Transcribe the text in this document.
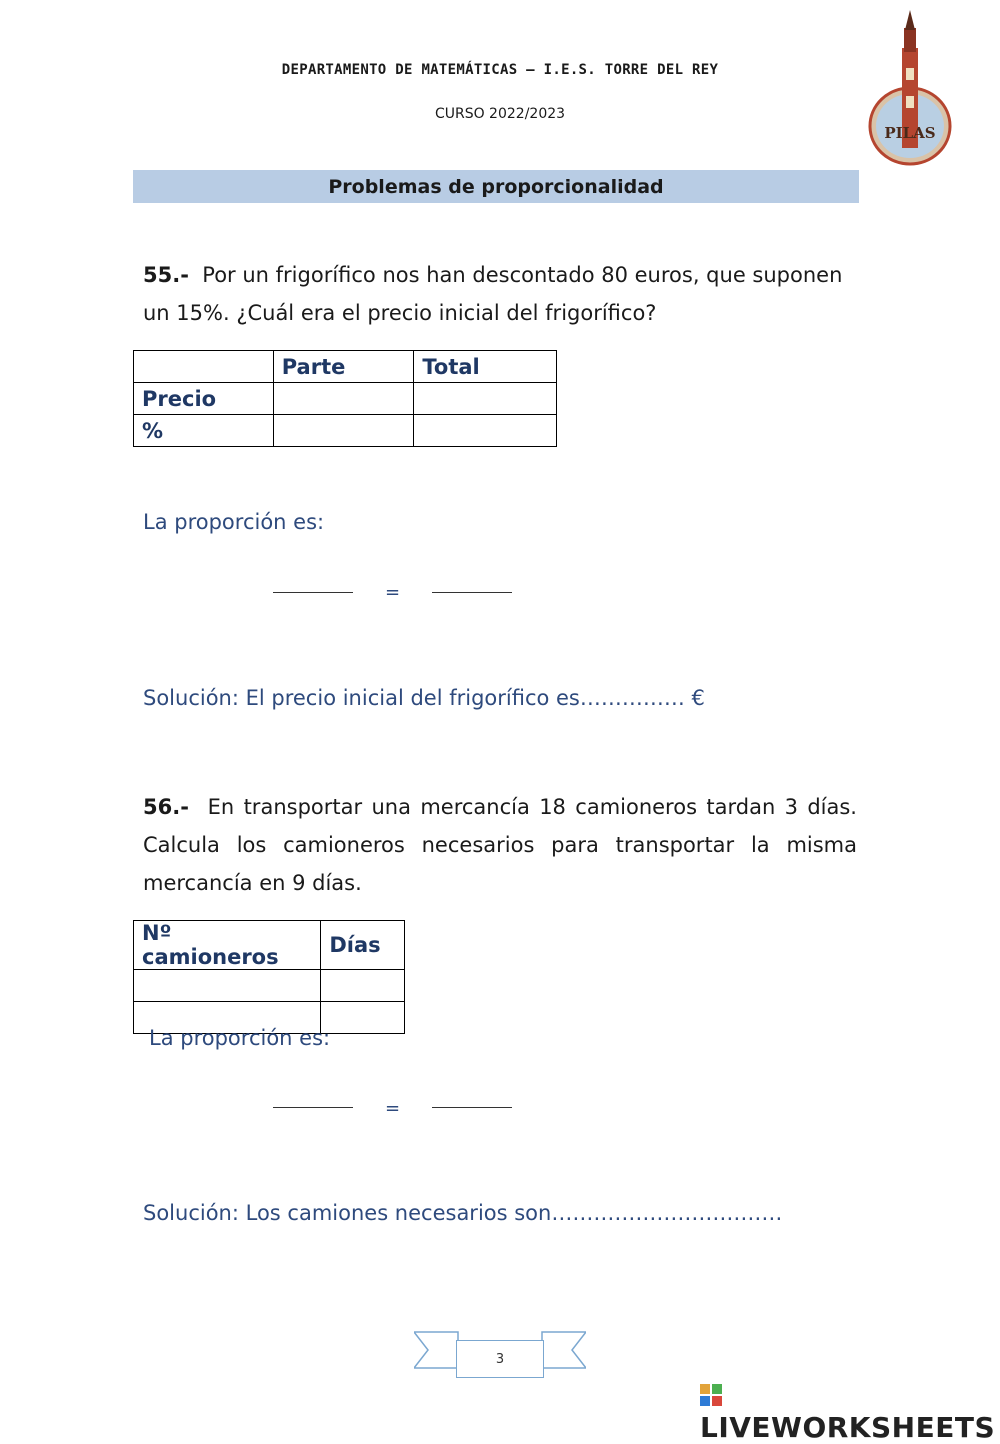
DEPARTAMENTO DE MATEMÁTICAS – I.E.S. TORRE DEL REY
CURSO 2022/2023
PILAS
Problemas de proporcionalidad
55.- Por un frigorífico nos han descontado 80 euros, que suponen un 15%. ¿Cuál era el precio inicial del frigorífico?
	Parte	Total
Precio		
%		
La proporción es:
=
Solución: El precio inicial del frigorífico es…………… €
56.- En transportar una mercancía 18 camioneros tardan 3 días. Calcula los camioneros necesarios para transportar la misma mercancía en 9 días.
Nº camioneros	Días

La proporción es:
=
Solución: Los camiones necesarios son……………………………
3
LIVEWORKSHEETS
